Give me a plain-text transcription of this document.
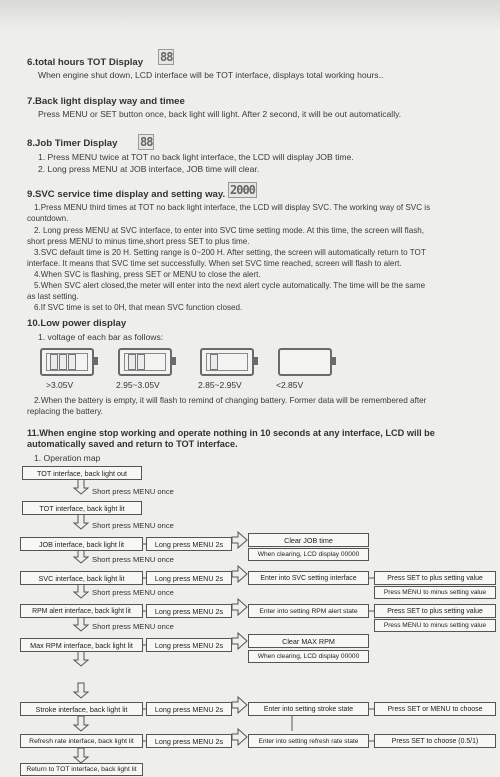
6.total hours TOT Display 88
When engine shut down, LCD interface will be TOT interface, displays total working hours..
7.Back light display way and timee
Press MENU or SET button once, back light will light. After 2 second, it will be out automatically.
8.Job Timer Display 88
1. Press MENU twice at TOT no back light interface, the LCD will display JOB time.
2. Long press MENU at JOB interface, JOB time will clear.
9.SVC service time display and setting way. 2000
1.Press MENU third times at TOT no back light interface, the LCD will display SVC. The working way of SVC is
countdown.
2. Long press MENU at SVC interface, to enter into SVC time setting mode. At this time, the screen will flash,
short press MENU to minus time,short press SET to plus time.
3.SVC default time is 20 H. Setting range is 0~200 H. After setting, the screen will automatically return to TOT
interface. It means that SVC time set successfully. When set SVC time reached, screen will flash to alert.
4.When SVC is flashing, press SET or MENU to close the alert.
5.When SVC alert closed,the meter will enter into the next alert cycle automatically. The time will be the same
as last setting.
6.If SVC time is set to 0H, that mean SVC function closed.
10.Low power display
1. voltage of each bar as follows:
>3.05V	2.95~3.05V	2.85~2.95V	<2.85V
2.When the battery is empty, it will flash to remind of changing battery. Former data will be remembered after
replacing the battery.
11.When engine stop working and operate nothing in 10 seconds at any interface, LCD will be
automatically saved and return to TOT interface.
1. Operation map
TOT interface, back light out
Short press MENU once
TOT interface, back light lit
Short press MENU once
JOB interface, back light lit	Long press MENU 2s	Clear JOB time
When clearing, LCD display 00000
Short press MENU once
SVC interface, back light lit	Long press MENU 2s	Enter into SVC setting interface	Press SET to plus setting value
Press MENU to minus setting value
Short press MENU once
RPM alert interface, back light lit	Long press MENU 2s	Enter into setting RPM alert state	Press SET to plus setting value
Press MENU to minus setting value
Short press MENU once
Max RPM interface, back light lit	Long press MENU 2s	Clear MAX RPM
When clearing, LCD display 00000
Stroke interface, back light lit	Long press MENU 2s	Enter into setting stroke state	Press SET or MENU to choose
Refresh rate interface, back light lit	Long press MENU 2s	Enter into setting refresh rate state	Press SET to choose (0.5/1)
Return to TOT interface, back light lit
